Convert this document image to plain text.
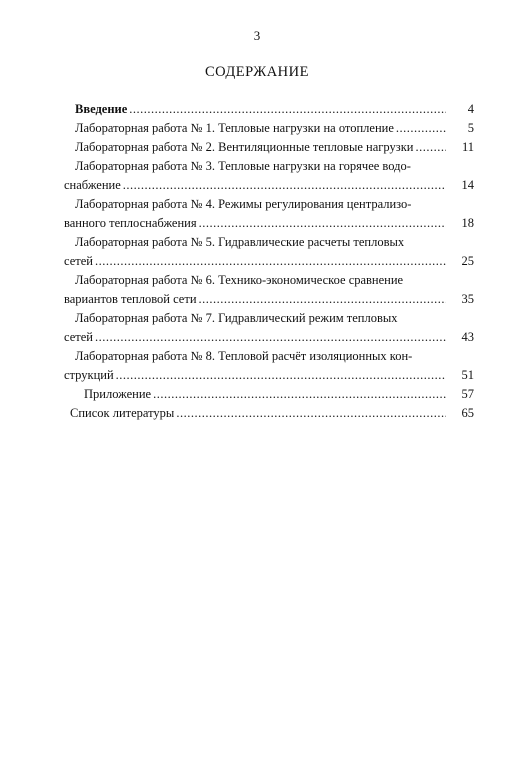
3
СОДЕРЖАНИЕ
Введение .....	4
Лабораторная работа № 1. Тепловые нагрузки на отопление .....	5
Лабораторная работа № 2. Вентиляционные тепловые нагрузки .....	11
Лабораторная работа № 3. Тепловые нагрузки на горячее водо-
снабжение .....	14
Лабораторная работа № 4. Режимы регулирования централизо-
ванного теплоснабжения .....	18
Лабораторная работа № 5. Гидравлические расчеты тепловых
сетей .....	25
Лабораторная работа № 6. Технико-экономическое сравнение
вариантов тепловой сети .....	35
Лабораторная работа № 7. Гидравлический режим тепловых
сетей .....	43
Лабораторная работа № 8. Тепловой расчёт изоляционных кон-
струкций .....	51
Приложение .....	57
Список литературы .....	65
